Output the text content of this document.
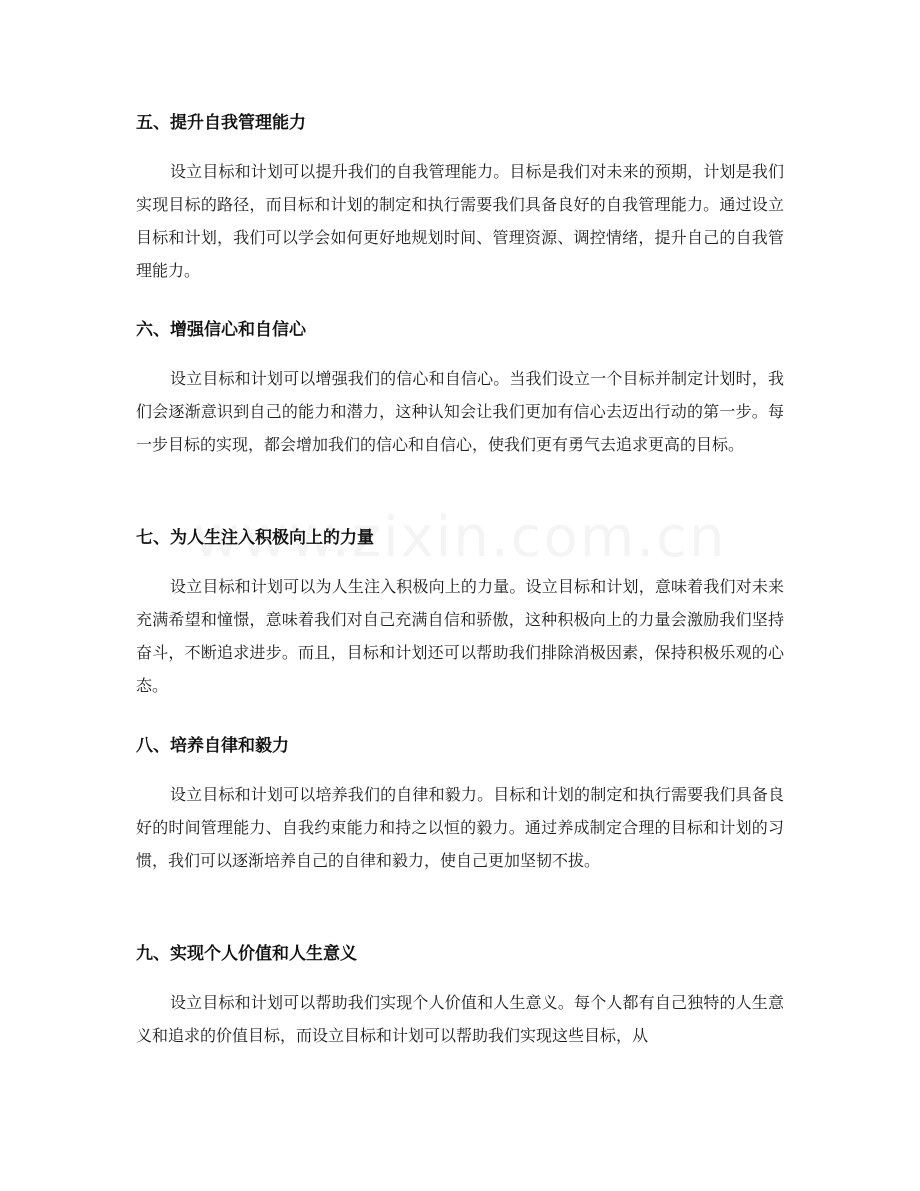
五、提升自我管理能力

设立目标和计划可以提升我们的自我管理能力。目标是我们对未来的预期，计划是我们实现目标的路径，而目标和计划的制定和执行需要我们具备良好的自我管理能力。通过设立目标和计划，我们可以学会如何更好地规划时间、管理资源、调控情绪，提升自己的自我管理能力。

六、增强信心和自信心

设立目标和计划可以增强我们的信心和自信心。当我们设立一个目标并制定计划时，我们会逐渐意识到自己的能力和潜力，这种认知会让我们更加有信心去迈出行动的第一步。每一步目标的实现，都会增加我们的信心和自信心，使我们更有勇气去追求更高的目标。

七、为人生注入积极向上的力量

设立目标和计划可以为人生注入积极向上的力量。设立目标和计划，意味着我们对未来充满希望和憧憬，意味着我们对自己充满自信和骄傲，这种积极向上的力量会激励我们坚持奋斗，不断追求进步。而且，目标和计划还可以帮助我们排除消极因素，保持积极乐观的心态。

八、培养自律和毅力

设立目标和计划可以培养我们的自律和毅力。目标和计划的制定和执行需要我们具备良好的时间管理能力、自我约束能力和持之以恒的毅力。通过养成制定合理的目标和计划的习惯，我们可以逐渐培养自己的自律和毅力，使自己更加坚韧不拔。

九、实现个人价值和人生意义

设立目标和计划可以帮助我们实现个人价值和人生意义。每个人都有自己独特的人生意义和追求的价值目标，而设立目标和计划可以帮助我们实现这些目标，从
